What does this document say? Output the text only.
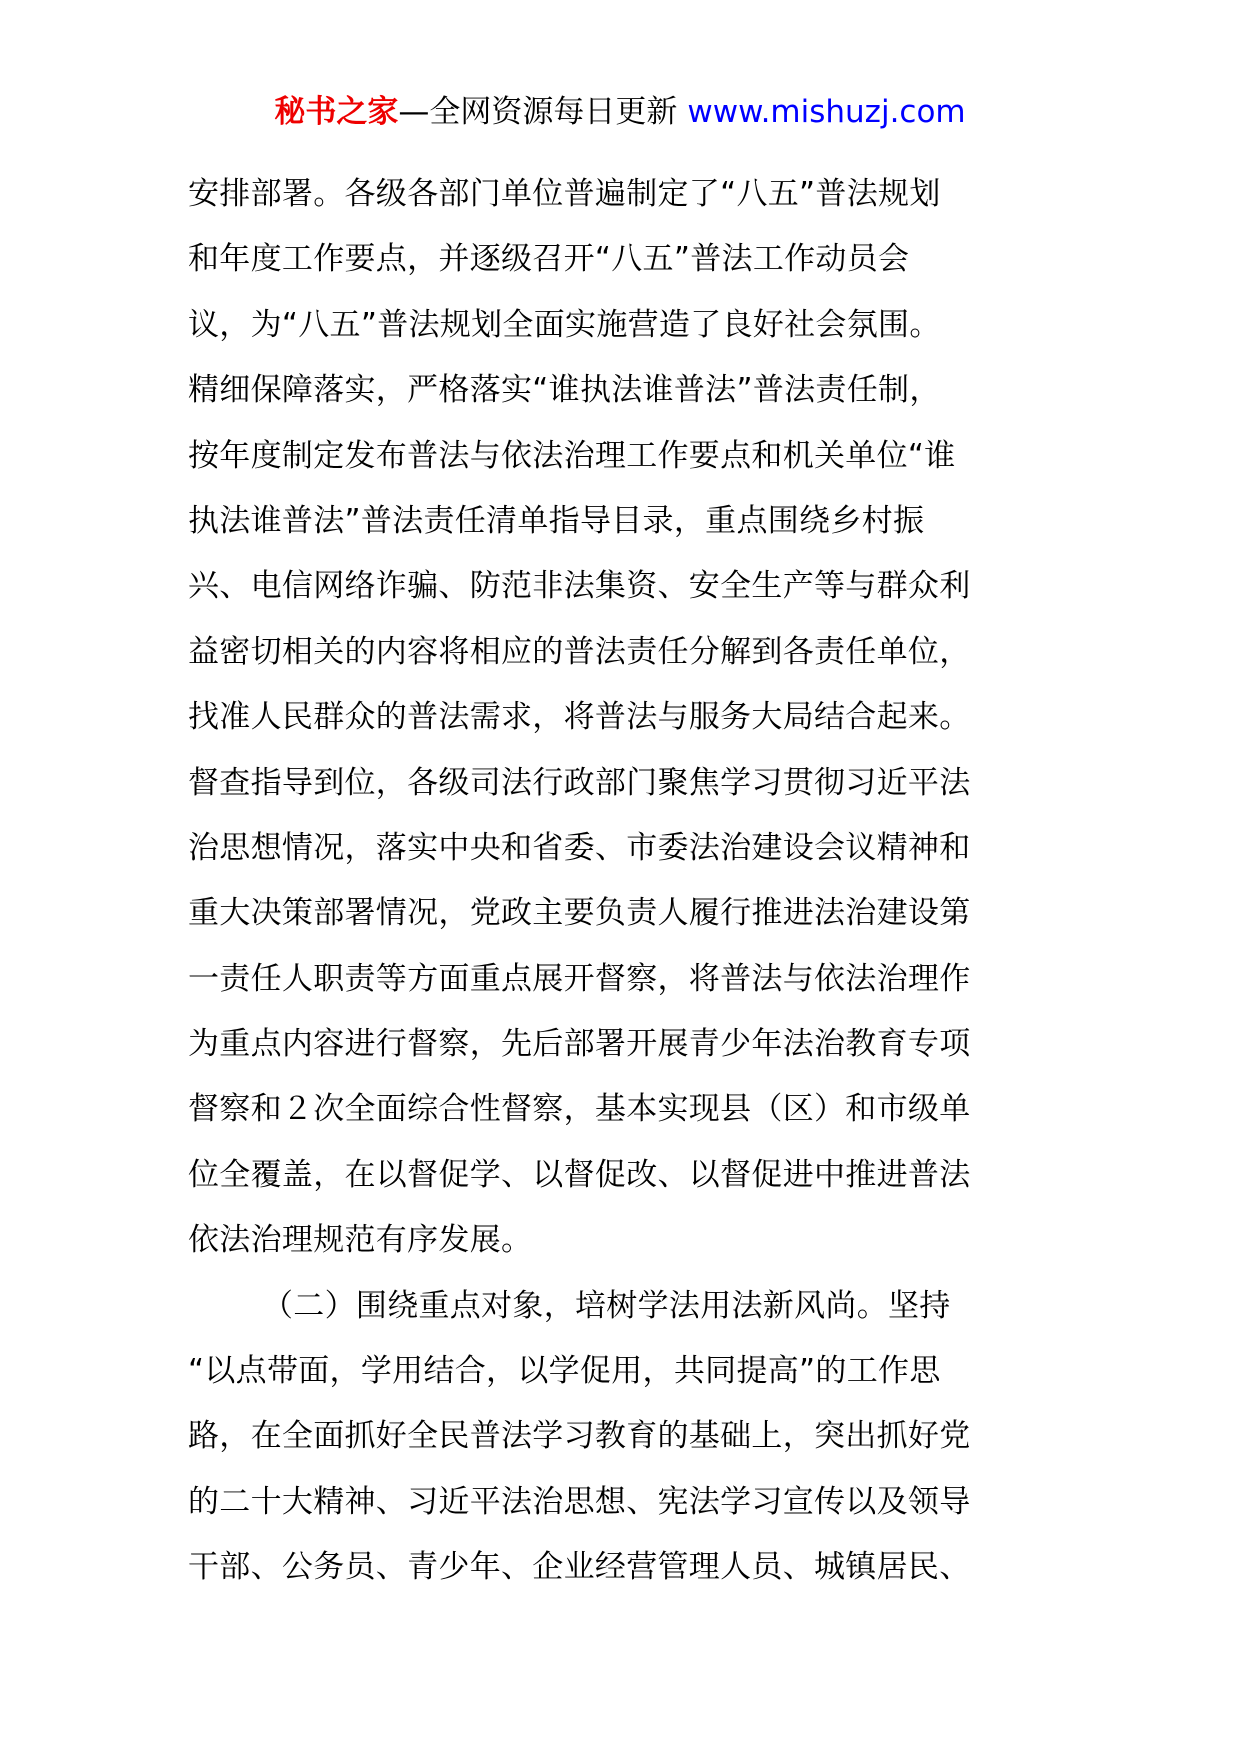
秘书之家—全网资源每日更新 www.mishuzj.com
安排部署。各级各部门单位普遍制定了“八五”普法规划
和年度工作要点，并逐级召开“八五”普法工作动员会
议，为“八五”普法规划全面实施营造了良好社会氛围。
精细保障落实，严格落实“谁执法谁普法”普法责任制，
按年度制定发布普法与依法治理工作要点和机关单位“谁
执法谁普法”普法责任清单指导目录，重点围绕乡村振
兴、电信网络诈骗、防范非法集资、安全生产等与群众利
益密切相关的内容将相应的普法责任分解到各责任单位，
找准人民群众的普法需求，将普法与服务大局结合起来。
督查指导到位，各级司法行政部门聚焦学习贯彻习近平法
治思想情况，落实中央和省委、市委法治建设会议精神和
重大决策部署情况，党政主要负责人履行推进法治建设第
一责任人职责等方面重点展开督察，将普法与依法治理作
为重点内容进行督察，先后部署开展青少年法治教育专项
督察和２次全面综合性督察，基本实现县（区）和市级单
位全覆盖，在以督促学、以督促改、以督促进中推进普法
依法治理规范有序发展。
（二）围绕重点对象，培树学法用法新风尚。坚持
“以点带面，学用结合，以学促用，共同提高”的工作思
路，在全面抓好全民普法学习教育的基础上，突出抓好党
的二十大精神、习近平法治思想、宪法学习宣传以及领导
干部、公务员、青少年、企业经营管理人员、城镇居民、
